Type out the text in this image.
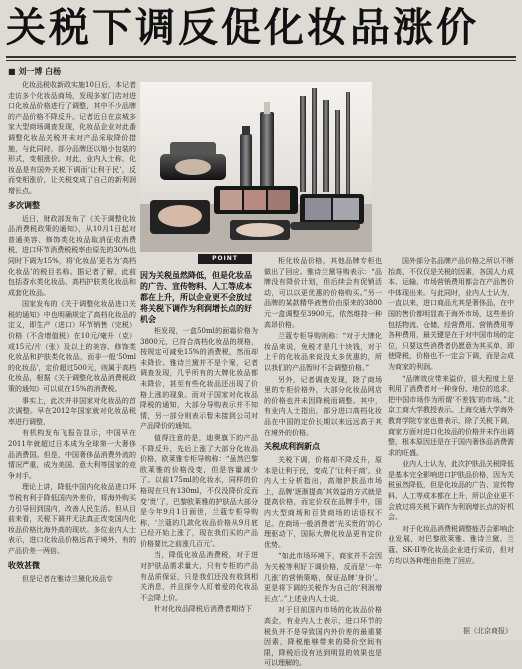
关税下调反促化妆品涨价
■ 刘一博 白杨

化妆品税收新政实施10日后，本记者走访多个化妆品商场，发现多家门店对进口化妆品价格进行了调整，其中不少品牌的产品价格不降反升。记者近日在京城多家大型商场调查发现，化妆品企业对此番调整化妆品关税并未对产品采取降价措施，与此同时，部分品牌还以缩小包装的形式，变相涨价。对此，业内人士称，化妆品是有国外关税下调而‘让利于民’，反而变相涨价，让关税变成了自己的新利润增长点。

多次调整

近日，财政部发布了《关于调整化妆品消费税政策的通知》，从10月1日起对普通美容、修饰类化妆品取消征收消费税，进口环节消费税税率由原先的30%也同时下调为15%，将‘化妆品’更名为‘高档化妆品’的税目名称。据记者了解，此前包括香水类化妆品、高档护肤类化妆品和成套化妆品。

国家发布的《关于调整化妆品进口关税的通知》中也明确规定了高档化妆品的定义，即生产（进口）环节销售（完税）价格（不含增值税）在10元/毫升（克）或15元/片（张）及以上的美容、修饰类化妆品和护肤类化妆品，而非一般‘50ml的化妆品’，定价超过500元，则属于高档化妆品，根据《关于调整化妆品消费税政策的通知》可以说在15%的消费税。

事实上，此次并非国家对化妆品的首次调整。早在2012年国家就对化妆品税率进行调整，

有机构发布飞报告显示，中国早在2011年就超过日本成为全球第一大奢侈品消费国。但是，中国奢侈品消费外流的情况严重，成为美国、意大利等国家的竞争对手。

理论上讲，降低中国内化妆品进口环节税有利于降低国内外差价，将海外购买力引导回到国内，改善人民生活。但从目前来看，关税下调并无法真正改变国内化妆品价格比海外高的现状。多位业内人士表示，进口化妆品价格远高于境外，有的产品价差一两倍。

收效甚微

但是记者在雅诗兰黛化妆品专

POINT
因为关税虽然降低，但是化妆品的广告、宣传物料、人工等成本都在上升，所以企业更不会放过将关税下调作为利润增长点的好机会

柜发现，一盒50ml的面霜价格为3800元，已符合高档化妆品的规格，按规定可减免15%的消费税，然而却未降价。雅诗兰黛并不是个案，记者调查发现，几乎所有的大牌化妆品都未降价，甚至有些化妆品还出现了价格上涨的现象。而对于国家对化妆品降税的通知，大部分导购表示并不知情，另一部分则表示暂未接到公司对产品降价的通知。

值得注意的是，迪奥旗下的产品不降反升，先后上涨了大部分化妆品价格，欧莱雅专柜导购称：“虽然巴黎欧莱雅的价格没变，但是容量减少了。以前175ml的化妆水，同样的价格现在只有130ml，不仅没降价反而变‘贵’了，巴黎欧莱雅的护肤品大部分是今年9月1日面世，兰蔻专柜导购称，‘兰蔻的几款化妆品价格从9月底已经开始上涨了，现在我们买的产品价格要比之前涨几百元’。

当，降低化妆品消费税，对于进对护肤品需求量大，只有专柜的产品有品质保证，只是我们还没有收到相关消息，并且探令人盯着爱的化妆品不会降上价。

针对化妆品降税后消费者期待下

柜化妆品价格，其他品牌专柜也做出了回应。雅诗兰黛导购表示：“品牌没有降价计划，但后续会有促销活动，可以以更优惠的价格购买。”另一品牌的某款精华液售价由原来的3800元一盒调整至3900元，依然维持一种高昂价格。

兰蔻专柜导购则称：“对于大牌化妆品来说，免税才是几十块钱，对于上千的化妆品来说没太多优惠的，所以我们的产品暂时不会调整价格。”

另外，记者调查发现，除了商场里的专柜价格外，大部分化妆品网店的价格也并未因降税而调整。其中，有业内人士指出，部分进口高档化妆品在中国的定价长期以来远远高于其在境外的价格。

关税成利润新点

关税下调，价格却不降反升，原本是让利于民，变成了‘让利于商’。业内人士分析指出，高端护肤品市场上，品牌‘逐渐提高’其效益的方式就是提高价格，而定价权在品牌手中，国内大型商场和百货商场的话语权不足。在商场一般消费者‘光买贵的’的心理驱动下，国际大牌化妆品更有定价优势。

“如此市场环境下，商家并不会因为关税等利好下调价格，反而是‘一年几涨’的营销策略，保证品牌‘身价’。更是将下调的关税作为自己的‘利润增长点’。”上述业内人士说。

对于目前国内市场的化妆品价格高企，有业内人士表示，进口环节的税负并不是导致国内外价差的最重要因素，降税能够带来的降价空间有限，降税后没有达到明显的效果也是可以理解的。

国外部分名品牌产品价格之所以不断抬高，不仅仅是关税的因素，各国人力成本、运输、市场营销费用都会在产品售价中体现出来。与此同时，业内人士认为，一直以来，进口商品尤其是奢侈品，在中国的售价都明显高于海外市场，这些差价包括物流、仓储、经营费用、营销费用等各种费用，最关键是在于对中国市场的定位，只要这些消费者仍愿意为其买单，即使降税，价格也不一定会下调，而是会成为商家的利润。

“品牌效应带来溢价，很大程度上是利用了消费者对一种身份、地位的追求，把中国市场作为所谓‘不差钱’的市场。”北京工商大学教授表示。上海交通大学海外教育学院专家也曾表示，除了关税下调，商家方面对进口化妆品的价格并未作出调整，根本原因还是在于国内奢侈品消费需求的旺盛。

业内人士认为，此次护肤品关税降低是基本完全影响进口护肤品价格，因为关税虽然降低，但是化妆品的广告、宣传物料、人工等成本都在上升，所以企业更不会放过将关税下调作为利润增长点的好机会。

对于化妆品消费税调整能否会影响企业发展，对巴黎欧莱雅、雅诗兰黛、兰蔻、SK-II等化妆品企业进行采访，但对方均以各种理由拒绝了回应。

据《北京商报》
